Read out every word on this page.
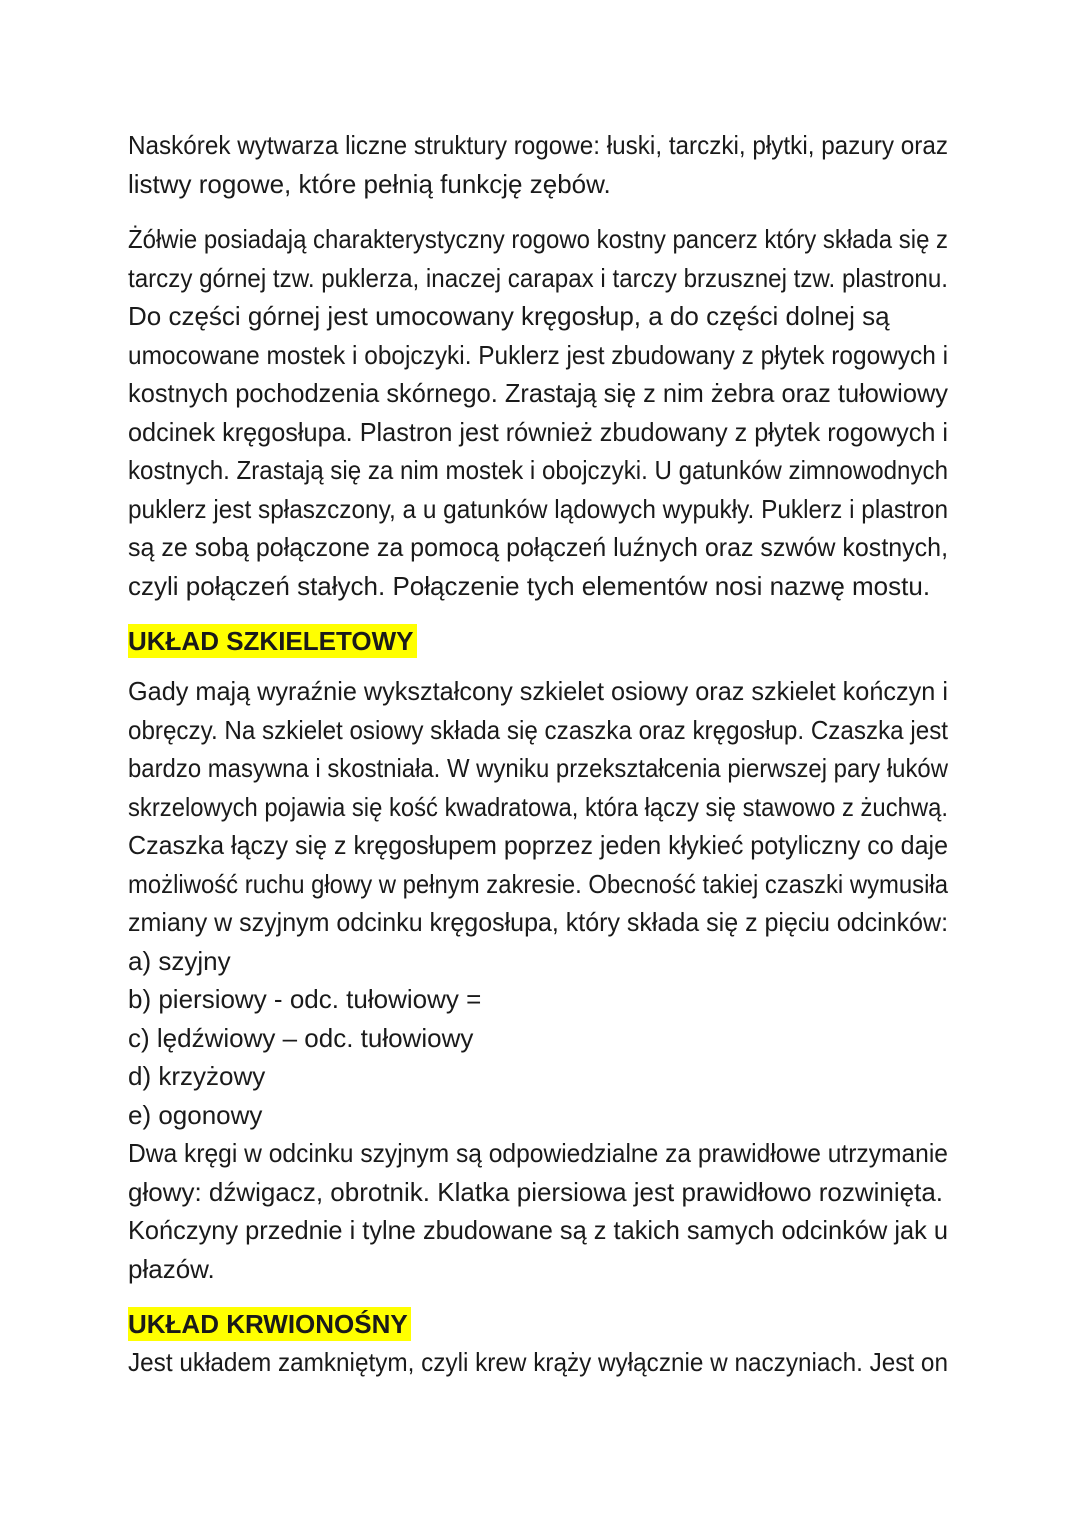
Naskórek wytwarza liczne struktury rogowe: łuski, tarczki, płytki, pazury oraz
listwy rogowe, które pełnią funkcję zębów.

Żółwie posiadają charakterystyczny rogowo kostny pancerz który składa się z
tarczy górnej tzw. puklerza, inaczej carapax i tarczy brzusznej tzw. plastronu.
Do części górnej jest umocowany kręgosłup, a do części dolnej są
umocowane mostek i obojczyki. Puklerz jest zbudowany z płytek rogowych i
kostnych pochodzenia skórnego. Zrastają się z nim żebra oraz tułowiowy
odcinek kręgosłupa. Plastron jest również zbudowany z płytek rogowych i
kostnych. Zrastają się za nim mostek i obojczyki. U gatunków zimnowodnych
puklerz jest spłaszczony, a u gatunków lądowych wypukły. Puklerz i plastron
są ze sobą połączone za pomocą połączeń luźnych oraz szwów kostnych,
czyli połączeń stałych. Połączenie tych elementów nosi nazwę mostu.

UKŁAD SZKIELETOWY

Gady mają wyraźnie wykształcony szkielet osiowy oraz szkielet kończyn i
obręczy. Na szkielet osiowy składa się czaszka oraz kręgosłup. Czaszka jest
bardzo masywna i skostniała. W wyniku przekształcenia pierwszej pary łuków
skrzelowych pojawia się kość kwadratowa, która łączy się stawowo z żuchwą.
Czaszka łączy się z kręgosłupem poprzez jeden kłykieć potyliczny co daje
możliwość ruchu głowy w pełnym zakresie. Obecność takiej czaszki wymusiła
zmiany w szyjnym odcinku kręgosłupa, który składa się z pięciu odcinków:
a) szyjny
b) piersiowy - odc. tułowiowy =
c) lędźwiowy – odc. tułowiowy
d) krzyżowy
e) ogonowy
Dwa kręgi w odcinku szyjnym są odpowiedzialne za prawidłowe utrzymanie
głowy: dźwigacz, obrotnik. Klatka piersiowa jest prawidłowo rozwinięta.
Kończyny przednie i tylne zbudowane są z takich samych odcinków jak u
płazów.

UKŁAD KRWIONOŚNY

Jest układem zamkniętym, czyli krew krąży wyłącznie w naczyniach. Jest on
